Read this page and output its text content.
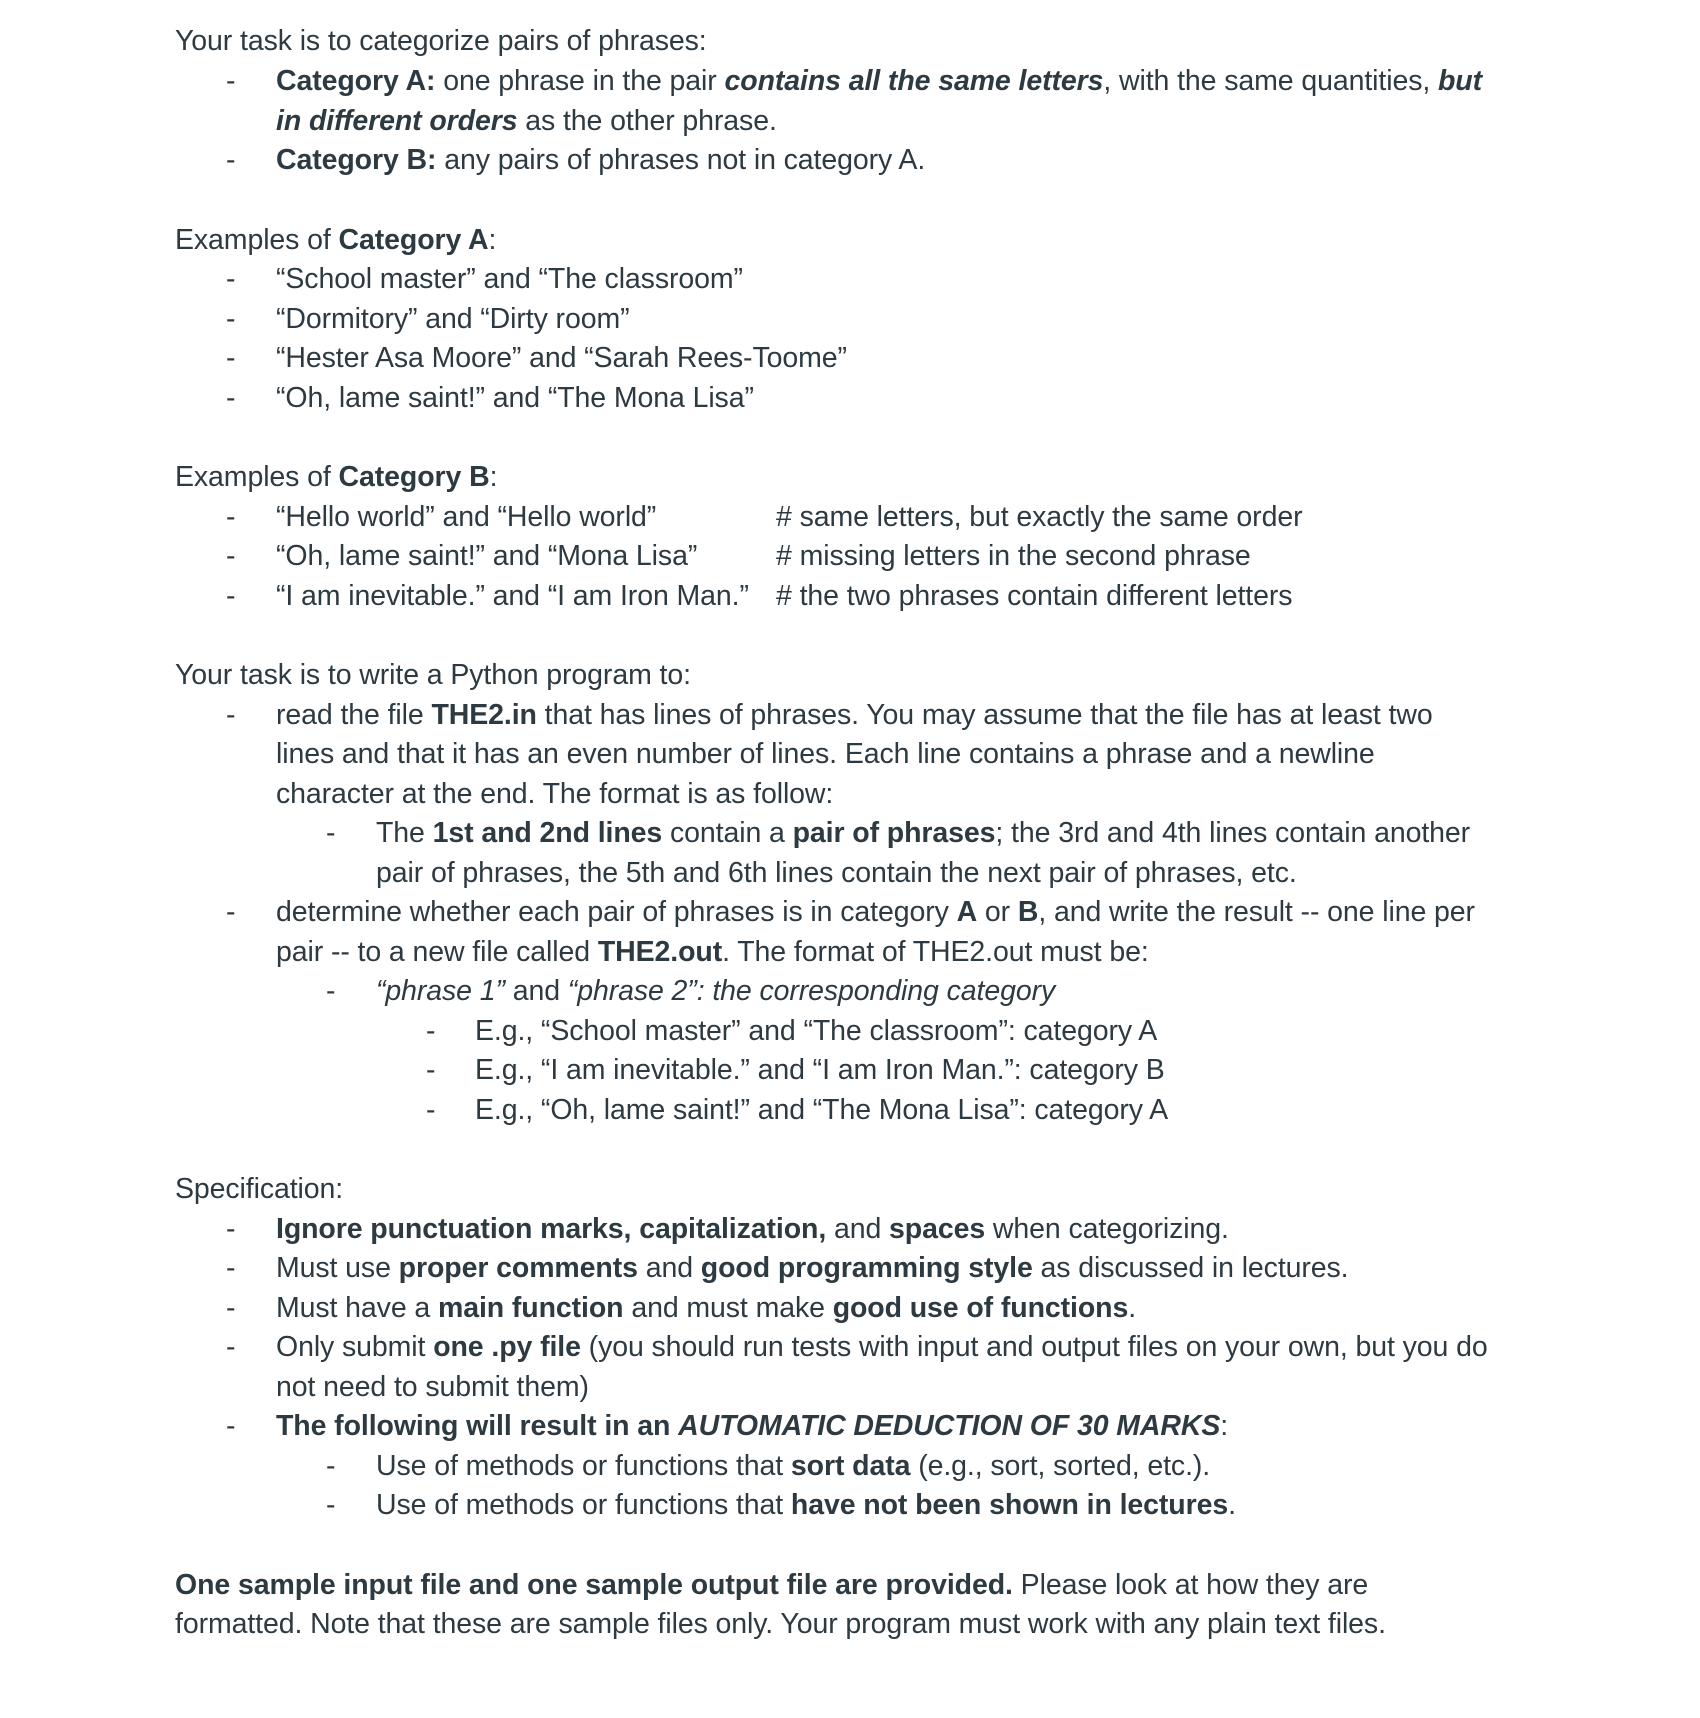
Your task is to categorize pairs of phrases:
- Category A: one phrase in the pair contains all the same letters, with the same quantities, but
in different orders as the other phrase.
- Category B: any pairs of phrases not in category A.
Examples of Category A:
- “School master” and “The classroom”
- “Dormitory” and “Dirty room”
- “Hester Asa Moore” and “Sarah Rees-Toome”
- “Oh, lame saint!” and “The Mona Lisa”
Examples of Category B:
- “Hello world” and “Hello world”	# same letters, but exactly the same order
- “Oh, lame saint!” and “Mona Lisa”	# missing letters in the second phrase
- “I am inevitable.” and “I am Iron Man.” # the two phrases contain different letters
Your task is to write a Python program to:
- read the file THE2.in that has lines of phrases. You may assume that the file has at least two
lines and that it has an even number of lines. Each line contains a phrase and a newline
character at the end. The format is as follow:
- The 1st and 2nd lines contain a pair of phrases; the 3rd and 4th lines contain another
pair of phrases, the 5th and 6th lines contain the next pair of phrases, etc.
- determine whether each pair of phrases is in category A or B, and write the result -- one line per
pair -- to a new file called THE2.out. The format of THE2.out must be:
- “phrase 1” and “phrase 2”: the corresponding category
- E.g., “School master” and “The classroom”: category A
- E.g., “I am inevitable.” and “I am Iron Man.”: category B
- E.g., “Oh, lame saint!” and “The Mona Lisa”: category A
Specification:
- Ignore punctuation marks, capitalization, and spaces when categorizing.
- Must use proper comments and good programming style as discussed in lectures.
- Must have a main function and must make good use of functions.
- Only submit one .py file (you should run tests with input and output files on your own, but you do
not need to submit them)
- The following will result in an AUTOMATIC DEDUCTION OF 30 MARKS:
- Use of methods or functions that sort data (e.g., sort, sorted, etc.).
- Use of methods or functions that have not been shown in lectures.
One sample input file and one sample output file are provided. Please look at how they are
formatted. Note that these are sample files only. Your program must work with any plain text files.
